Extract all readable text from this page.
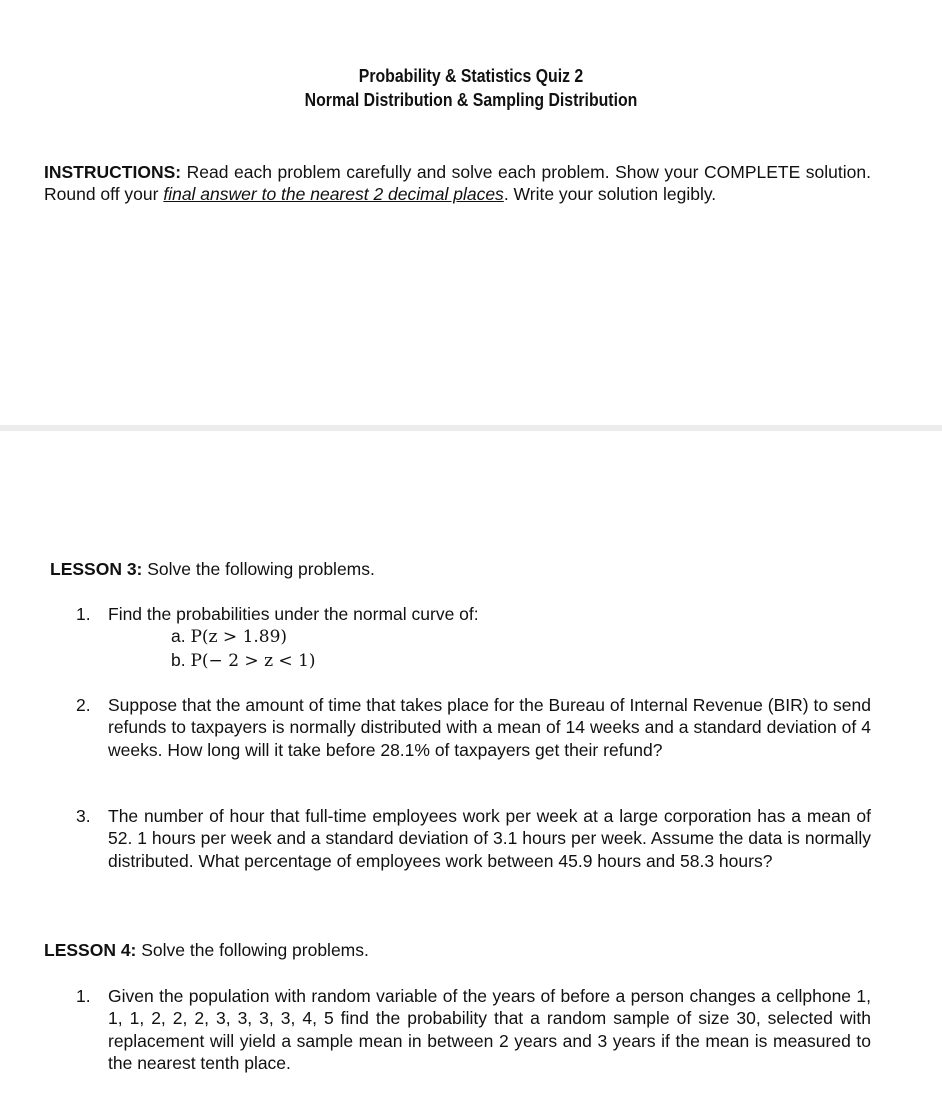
Probability & Statistics Quiz 2
Normal Distribution & Sampling Distribution
INSTRUCTIONS: Read each problem carefully and solve each problem. Show your COMPLETE solution. Round off your final answer to the nearest 2 decimal places. Write your solution legibly.
LESSON 3: Solve the following problems.
1. Find the probabilities under the normal curve of:
a. P(z > 1.89)
b. P(− 2 > z < 1)
2. Suppose that the amount of time that takes place for the Bureau of Internal Revenue (BIR) to send refunds to taxpayers is normally distributed with a mean of 14 weeks and a standard deviation of 4 weeks. How long will it take before 28.1% of taxpayers get their refund?
3. The number of hour that full-time employees work per week at a large corporation has a mean of 52. 1 hours per week and a standard deviation of 3.1 hours per week. Assume the data is normally distributed. What percentage of employees work between 45.9 hours and 58.3 hours?
LESSON 4: Solve the following problems.
1. Given the population with random variable of the years of before a person changes a cellphone 1, 1, 1, 2, 2, 2, 3, 3, 3, 3, 4, 5 find the probability that a random sample of size 30, selected with replacement will yield a sample mean in between 2 years and 3 years if the mean is measured to the nearest tenth place.
